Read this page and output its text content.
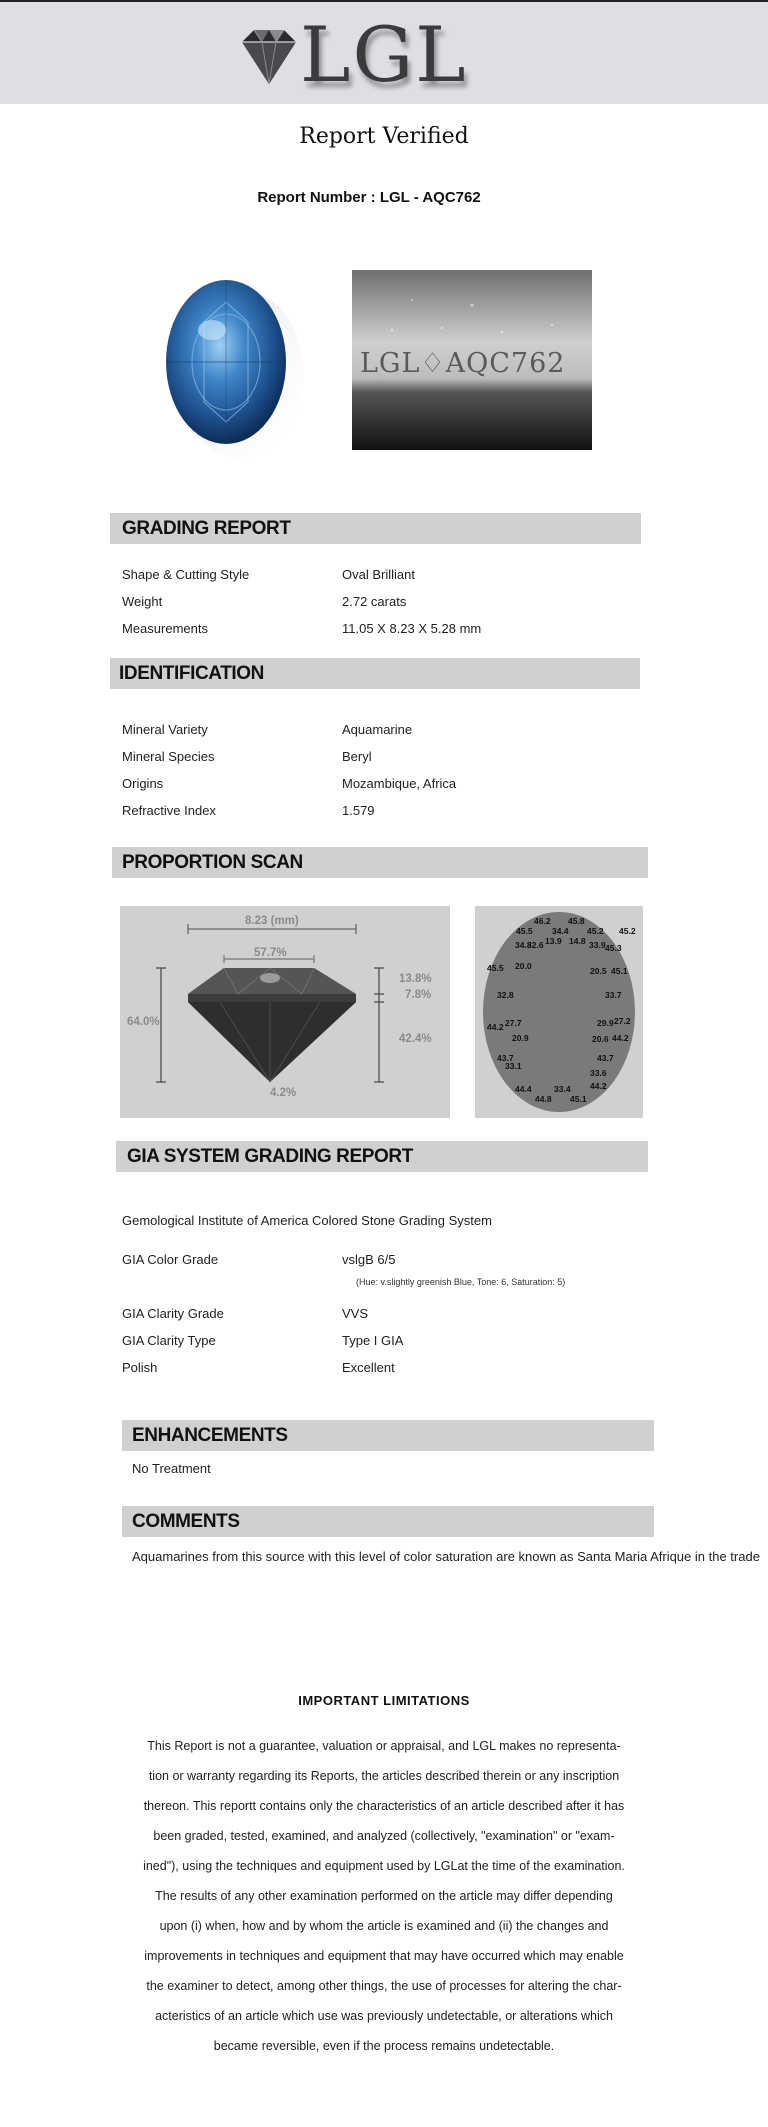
LGL
Report Verified
Report Number : LGL - AQC762
LGL♢AQC762
GRADING REPORT
Shape & Cutting Style	Oval Brilliant
Weight	2.72 carats
Measurements	11.05 X 8.23 X 5.28 mm
IDENTIFICATION
Mineral Variety	Aquamarine
Mineral Species	Beryl
Origins	Mozambique, Africa
Refractive Index	1.579
PROPORTION SCAN
8.23 (mm)
57.7%
64.0%
13.8%
7.8%
42.4%
4.2%
46.2 45.8
45.5 34.4 45.2 45.2
34.8
32.6 13.9 14.8 33.9 45.3
45.5 20.0	20.5 45.1
32.8	33.7
44.2 27.7	29.9 27.2
20.9	20.6 44.2
43.7	43.7
33.1
33.6
44.4	33.4 44.2
44.8 45.1
GIA SYSTEM GRADING REPORT
Gemological Institute of America Colored Stone Grading System
GIA Color Grade	vslgB 6/5
(Hue: v.slightly greenish Blue, Tone: 6, Saturation: 5)
GIA Clarity Grade	VVS
GIA Clarity Type	Type I GIA
Polish	Excellent
ENHANCEMENTS
No Treatment
COMMENTS
Aquamarines from this source with this level of color saturation are known as Santa Maria Afrique in the trade
IMPORTANT LIMITATIONS
This Report is not a guarantee, valuation or appraisal, and LGL makes no representa-
tion or warranty regarding its Reports, the articles described therein or any inscription
thereon. This reportt contains only the characteristics of an article described after it has
been graded, tested, examined, and analyzed (collectively, "examination" or "exam-
ined"), using the techniques and equipment used by LGLat the time of the examination.
The results of any other examination performed on the article may differ depending
upon (i) when, how and by whom the article is examined and (ii) the changes and
improvements in techniques and equipment that may have occurred which may enable
the examiner to detect, among other things, the use of processes for altering the char-
acteristics of an article which use was previously undetectable, or alterations which
became reversible, even if the process remains undetectable.
